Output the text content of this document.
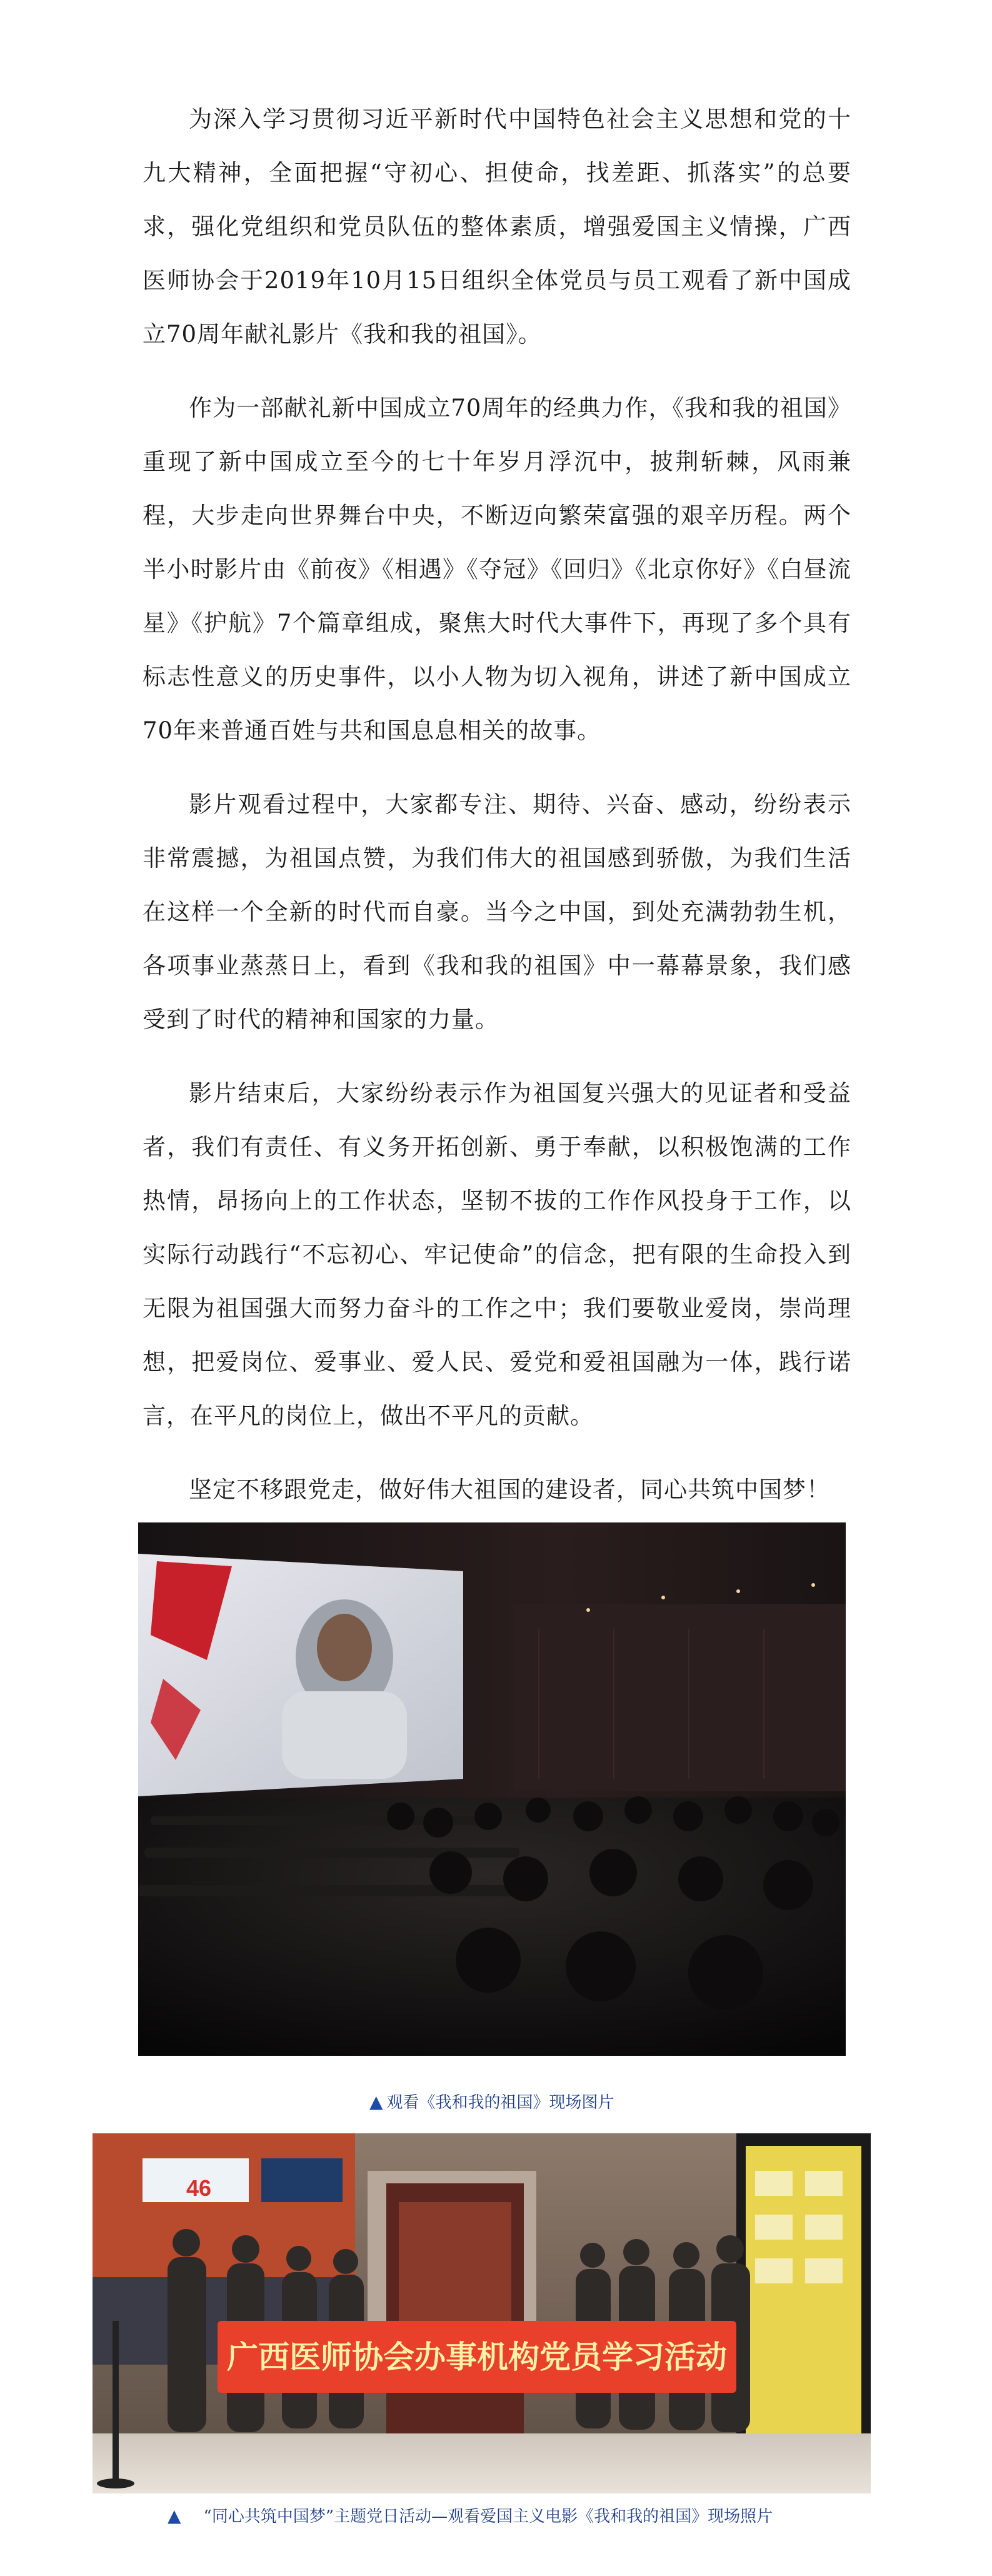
为深入学习贯彻习近平新时代中国特色社会主义思想和党的十九大精神，全面把握“守初心、担使命，找差距、抓落实”的总要求，强化党组织和党员队伍的整体素质，增强爱国主义情操，广西医师协会于2019年10月15日组织全体党员与员工观看了新中国成立70周年献礼影片《我和我的祖国》。

作为一部献礼新中国成立70周年的经典力作，《我和我的祖国》重现了新中国成立至今的七十年岁月浮沉中，披荆斩棘，风雨兼程，大步走向世界舞台中央，不断迈向繁荣富强的艰辛历程。两个半小时影片由《前夜》《相遇》《夺冠》《回归》《北京你好》《白昼流星》《护航》7个篇章组成，聚焦大时代大事件下，再现了多个具有标志性意义的历史事件，以小人物为切入视角，讲述了新中国成立70年来普通百姓与共和国息息相关的故事。

影片观看过程中，大家都专注、期待、兴奋、感动，纷纷表示非常震撼，为祖国点赞，为我们伟大的祖国感到骄傲，为我们生活在这样一个全新的时代而自豪。当今之中国，到处充满勃勃生机，各项事业蒸蒸日上，看到《我和我的祖国》中一幕幕景象，我们感受到了时代的精神和国家的力量。

影片结束后，大家纷纷表示作为祖国复兴强大的见证者和受益者，我们有责任、有义务开拓创新、勇于奉献，以积极饱满的工作热情，昂扬向上的工作状态，坚韧不拔的工作作风投身于工作，以实际行动践行“不忘初心、牢记使命”的信念，把有限的生命投入到无限为祖国强大而努力奋斗的工作之中；我们要敬业爱岗，崇尚理想，把爱岗位、爱事业、爱人民、爱党和爱祖国融为一体，践行诺言，在平凡的岗位上，做出不平凡的贡献。

坚定不移跟党走，做好伟大祖国的建设者，同心共筑中国梦！

▲ 观看《我和我的祖国》现场图片
46
广西医师协会办事机构党员学习活动
▲ “同心共筑中国梦”主题党日活动—观看爱国主义电影《我和我的祖国》现场照片
